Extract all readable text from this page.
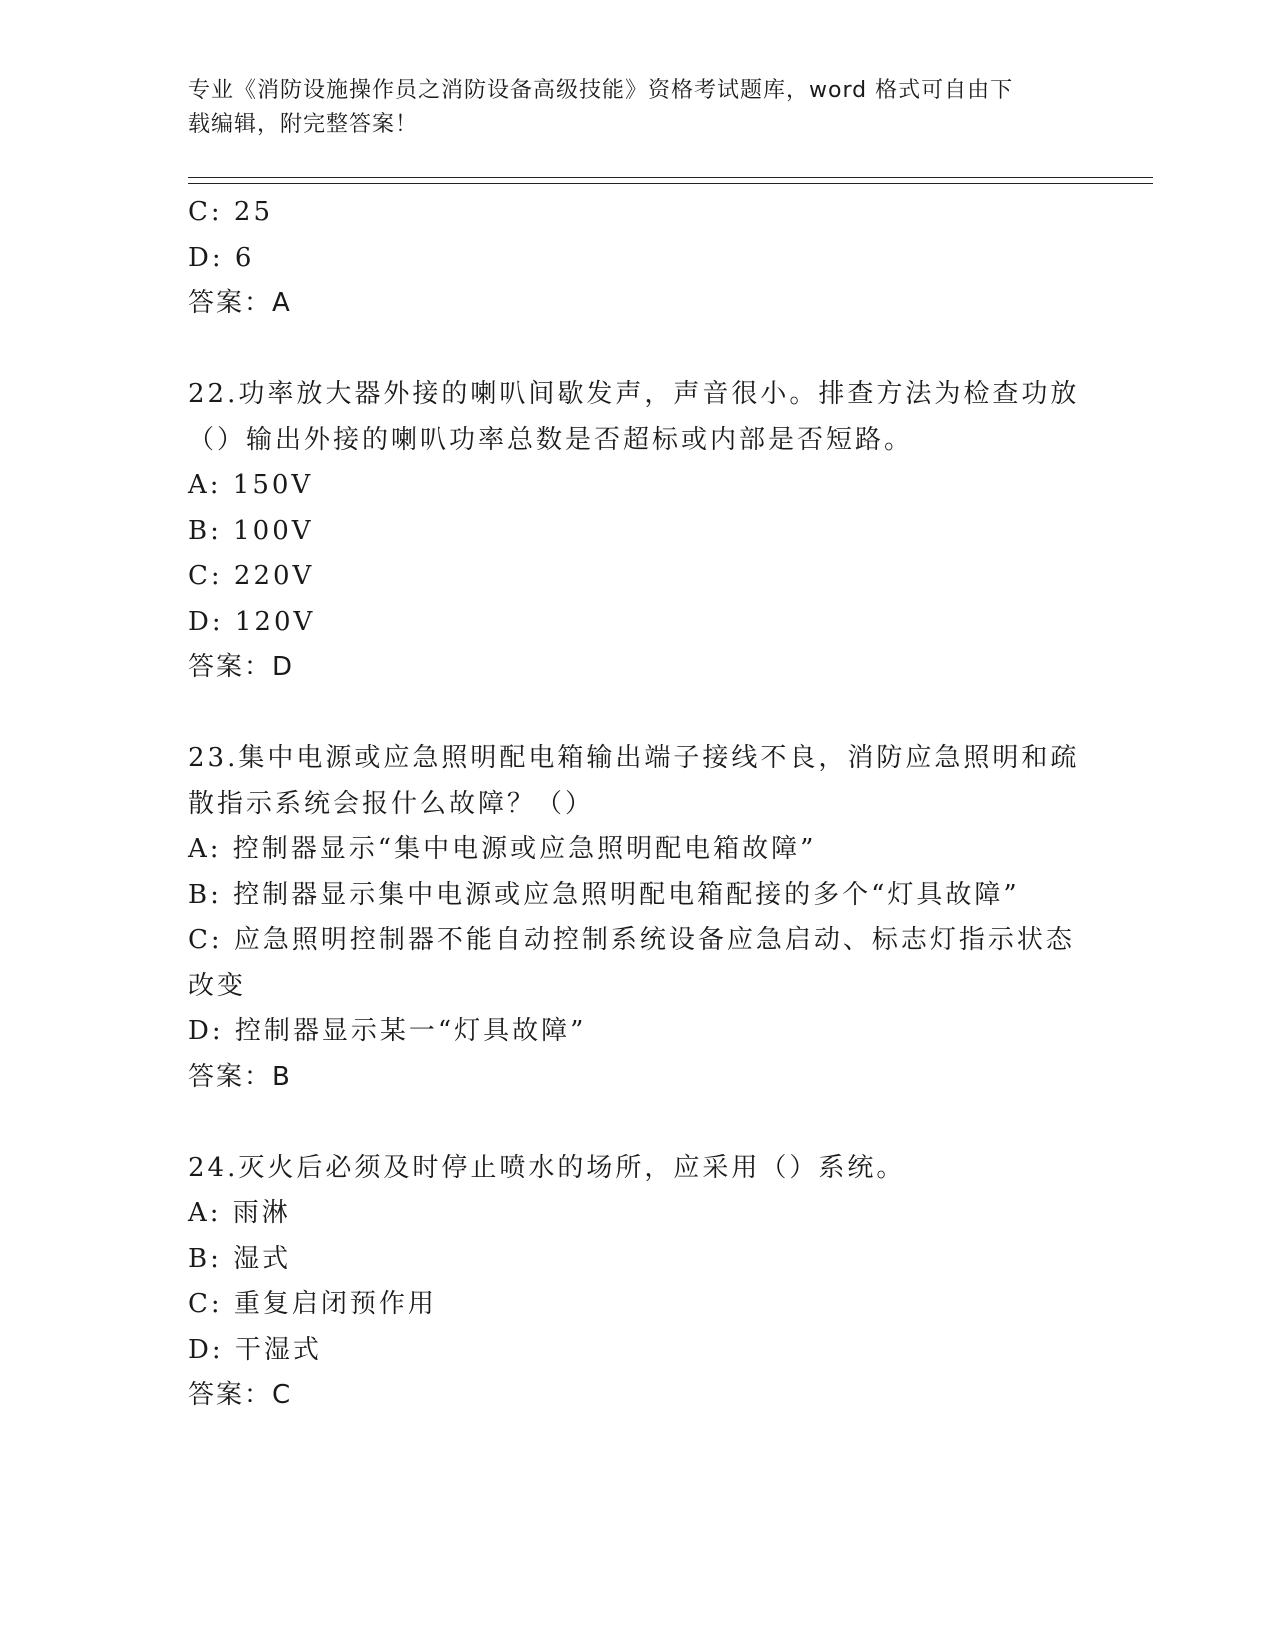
专业《消防设施操作员之消防设备高级技能》资格考试题库，word 格式可自由下
载编辑，附完整答案！
C: 25
D: 6
答案：A
22.功率放大器外接的喇叭间歇发声，声音很小。排查方法为检查功放
（）输出外接的喇叭功率总数是否超标或内部是否短路。
A: 150V
B: 100V
C: 220V
D: 120V
答案：D
23.集中电源或应急照明配电箱输出端子接线不良，消防应急照明和疏
散指示系统会报什么故障？（）
A: 控制器显示“集中电源或应急照明配电箱故障”
B: 控制器显示集中电源或应急照明配电箱配接的多个“灯具故障”
C: 应急照明控制器不能自动控制系统设备应急启动、标志灯指示状态
改变
D: 控制器显示某一“灯具故障”
答案：B
24.灭火后必须及时停止喷水的场所，应采用（）系统。
A: 雨淋
B: 湿式
C: 重复启闭预作用
D: 干湿式
答案：C
